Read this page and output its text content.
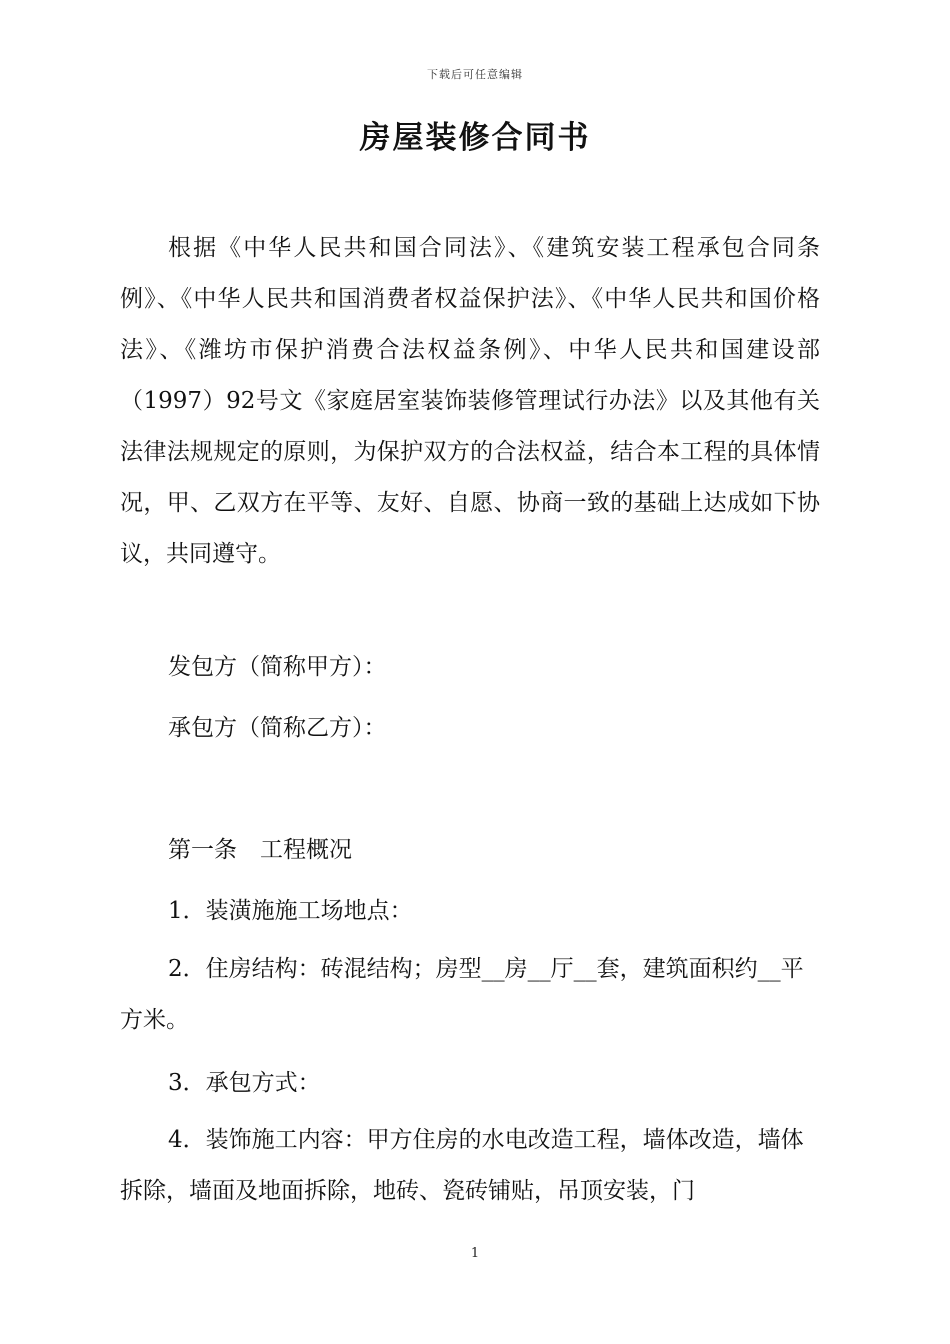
下载后可任意编辑
房屋装修合同书

根据《中华人民共和国合同法》、《建筑安装工程承包合同条例》、《中华人民共和国消费者权益保护法》、《中华人民共和国价格法》、《潍坊市保护消费合法权益条例》、中华人民共和国建设部（1997）92号文《家庭居室装饰装修管理试行办法》以及其他有关法律法规规定的原则，为保护双方的合法权益，结合本工程的具体情况，甲、乙双方在平等、友好、自愿、协商一致的基础上达成如下协议，共同遵守。

发包方（简称甲方）：

承包方（简称乙方）：

第一条　工程概况

1．装潢施施工场地点：

2．住房结构：砖混结构；房型__房__厅__套，建筑面积约__平方米。

3．承包方式：

4．装饰施工内容：甲方住房的水电改造工程，墙体改造，墙体拆除，墙面及地面拆除，地砖、瓷砖铺贴，吊顶安装，门

1
